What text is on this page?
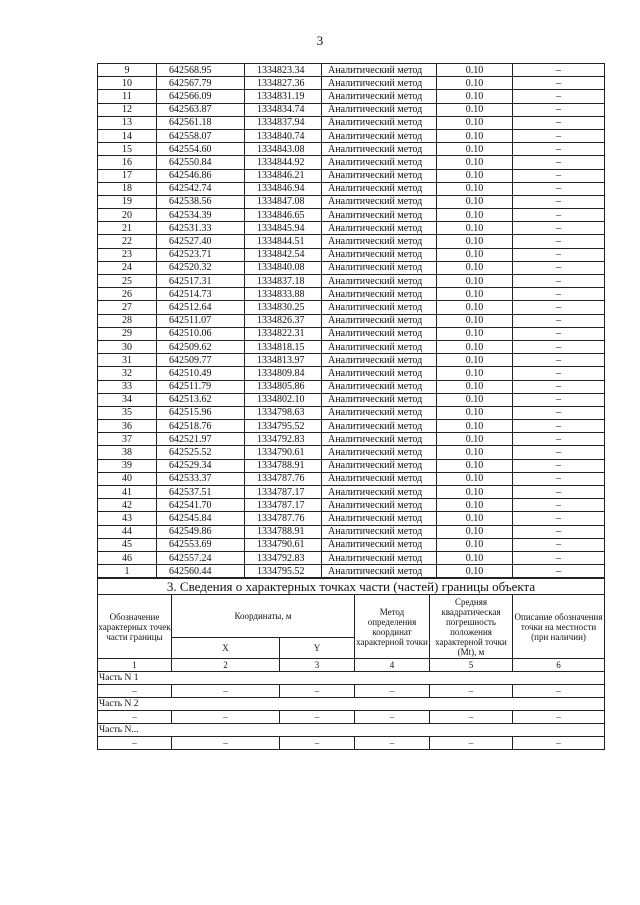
3
9	642568.95	1334823.34	Аналитический метод	0.10	–
10	642567.79	1334827.36	Аналитический метод	0.10	–
11	642566.09	1334831.19	Аналитический метод	0.10	–
12	642563.87	1334834.74	Аналитический метод	0.10	–
13	642561.18	1334837.94	Аналитический метод	0.10	–
14	642558.07	1334840.74	Аналитический метод	0.10	–
15	642554.60	1334843.08	Аналитический метод	0.10	–
16	642550.84	1334844.92	Аналитический метод	0.10	–
17	642546.86	1334846.21	Аналитический метод	0.10	–
18	642542.74	1334846.94	Аналитический метод	0.10	–
19	642538.56	1334847.08	Аналитический метод	0.10	–
20	642534.39	1334846.65	Аналитический метод	0.10	–
21	642531.33	1334845.94	Аналитический метод	0.10	–
22	642527.40	1334844.51	Аналитический метод	0.10	–
23	642523.71	1334842.54	Аналитический метод	0.10	–
24	642520.32	1334840.08	Аналитический метод	0.10	–
25	642517.31	1334837.18	Аналитический метод	0.10	–
26	642514.73	1334833.88	Аналитический метод	0.10	–
27	642512.64	1334830.25	Аналитический метод	0.10	–
28	642511.07	1334826.37	Аналитический метод	0.10	–
29	642510.06	1334822.31	Аналитический метод	0.10	–
30	642509.62	1334818.15	Аналитический метод	0.10	–
31	642509.77	1334813.97	Аналитический метод	0.10	–
32	642510.49	1334809.84	Аналитический метод	0.10	–
33	642511.79	1334805.86	Аналитический метод	0.10	–
34	642513.62	1334802.10	Аналитический метод	0.10	–
35	642515.96	1334798.63	Аналитический метод	0.10	–
36	642518.76	1334795.52	Аналитический метод	0.10	–
37	642521.97	1334792.83	Аналитический метод	0.10	–
38	642525.52	1334790.61	Аналитический метод	0.10	–
39	642529.34	1334788.91	Аналитический метод	0.10	–
40	642533.37	1334787.76	Аналитический метод	0.10	–
41	642537.51	1334787.17	Аналитический метод	0.10	–
42	642541.70	1334787.17	Аналитический метод	0.10	–
43	642545.84	1334787.76	Аналитический метод	0.10	–
44	642549.86	1334788.91	Аналитический метод	0.10	–
45	642553.69	1334790.61	Аналитический метод	0.10	–
46	642557.24	1334792.83	Аналитический метод	0.10	–
1	642560.44	1334795.52	Аналитический метод	0.10	–
3. Сведения о характерных точках части (частей) границы объекта					
Обозначение характерных точек части границы	Координаты, м		Метод определения координат характерной точки	Средняя квадратическая погрешность положения характерной точки (Mt), м	Описание обозначения точки на местности (при наличии)
	X	Y			
1	2	3	4	5	6
Часть N 1					
–	–	–	–	–	–
Часть N 2					
–	–	–	–	–	–
Часть N...					
–	–	–	–	–	–
